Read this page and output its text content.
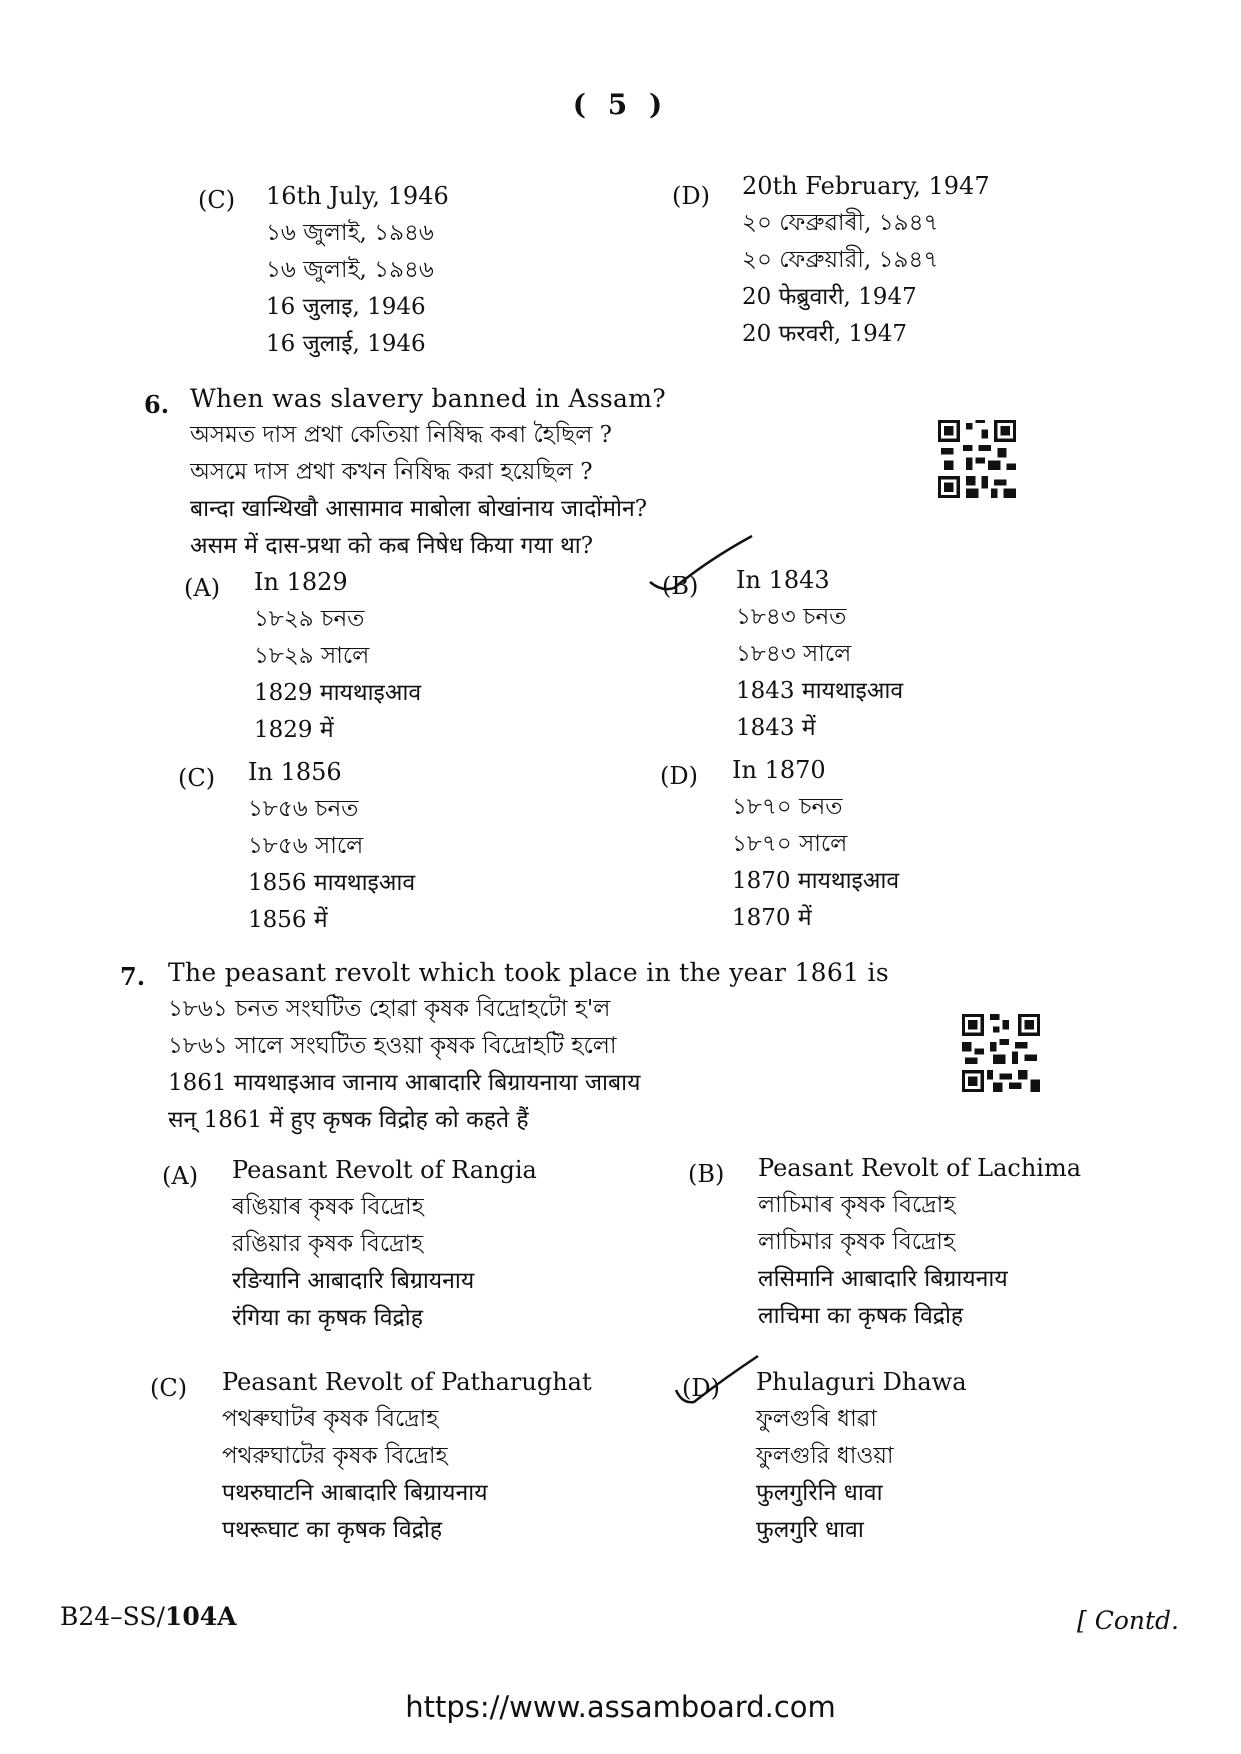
( 5 )
(C) 16th July, 1946
১৬ জুলাই, ১৯৪৬
১৬ জুলাই, ১৯৪৬
16 जुलाइ, 1946
16 जुलाई, 1946
(D) 20th February, 1947
২০ ফেব্ৰুৱাৰী, ১৯৪৭
২০ ফেব্রুয়ারী, ১৯৪৭
20 फेब्रुवारी, 1947
20 फरवरी, 1947
6. When was slavery banned in Assam?
অসমত দাস প্ৰথা কেতিয়া নিষিদ্ধ কৰা হৈছিল ?
অসমে দাস প্রথা কখন নিষিদ্ধ করা হয়েছিল ?
बान्दा खान्थिखौ आसामाव माबोला बोखांनाय जादोंमोन?
असम में दास-प्रथा को कब निषेध किया गया था?
(A) In 1829
১৮২৯ চনত
১৮২৯ সালে
1829 मायथाइआव
1829 में
(B) In 1843
১৮৪৩ চনত
১৮৪৩ সালে
1843 मायथाइआव
1843 में
(C) In 1856
১৮৫৬ চনত
১৮৫৬ সালে
1856 मायथाइआव
1856 में
(D) In 1870
১৮৭০ চনত
১৮৭০ সালে
1870 मायथाइआव
1870 में
7. The peasant revolt which took place in the year 1861 is
১৮৬১ চনত সংঘটিত হোৱা কৃষক বিদ্ৰোহটো হ'ল
১৮৬১ সালে সংঘটিত হওয়া কৃষক বিদ্রোহটি হলো
1861 मायथाइआव जानाय आबादारि बिग्रायनाया जाबाय
सन् 1861 में हुए कृषक विद्रोह को कहते हैं
(A) Peasant Revolt of Rangia
ৰঙিয়াৰ কৃষক বিদ্ৰোহ
রঙিয়ার কৃষক বিদ্রোহ
रङियानि आबादारि बिग्रायनाय
रंगिया का कृषक विद्रोह
(B) Peasant Revolt of Lachima
লাচিমাৰ কৃষক বিদ্ৰোহ
লাচিমার কৃষক বিদ্রোহ
लसिमानि आबादारि बिग्रायनाय
लाचिमा का कृषक विद्रोह
(C) Peasant Revolt of Patharughat
পথৰুঘাটৰ কৃষক বিদ্ৰোহ
পথরুঘাটের কৃষক বিদ্রোহ
पथरुघाटनि आबादारि बिग्रायनाय
पथरूघाट का कृषक विद्रोह
(D) Phulaguri Dhawa
ফুলগুৰি ধাৱা
ফুলগুরি ধাওয়া
फुलगुरिनि धावा
फुलगुरि धावा
B24–SS/104A	[ Contd.
https://www.assamboard.com
